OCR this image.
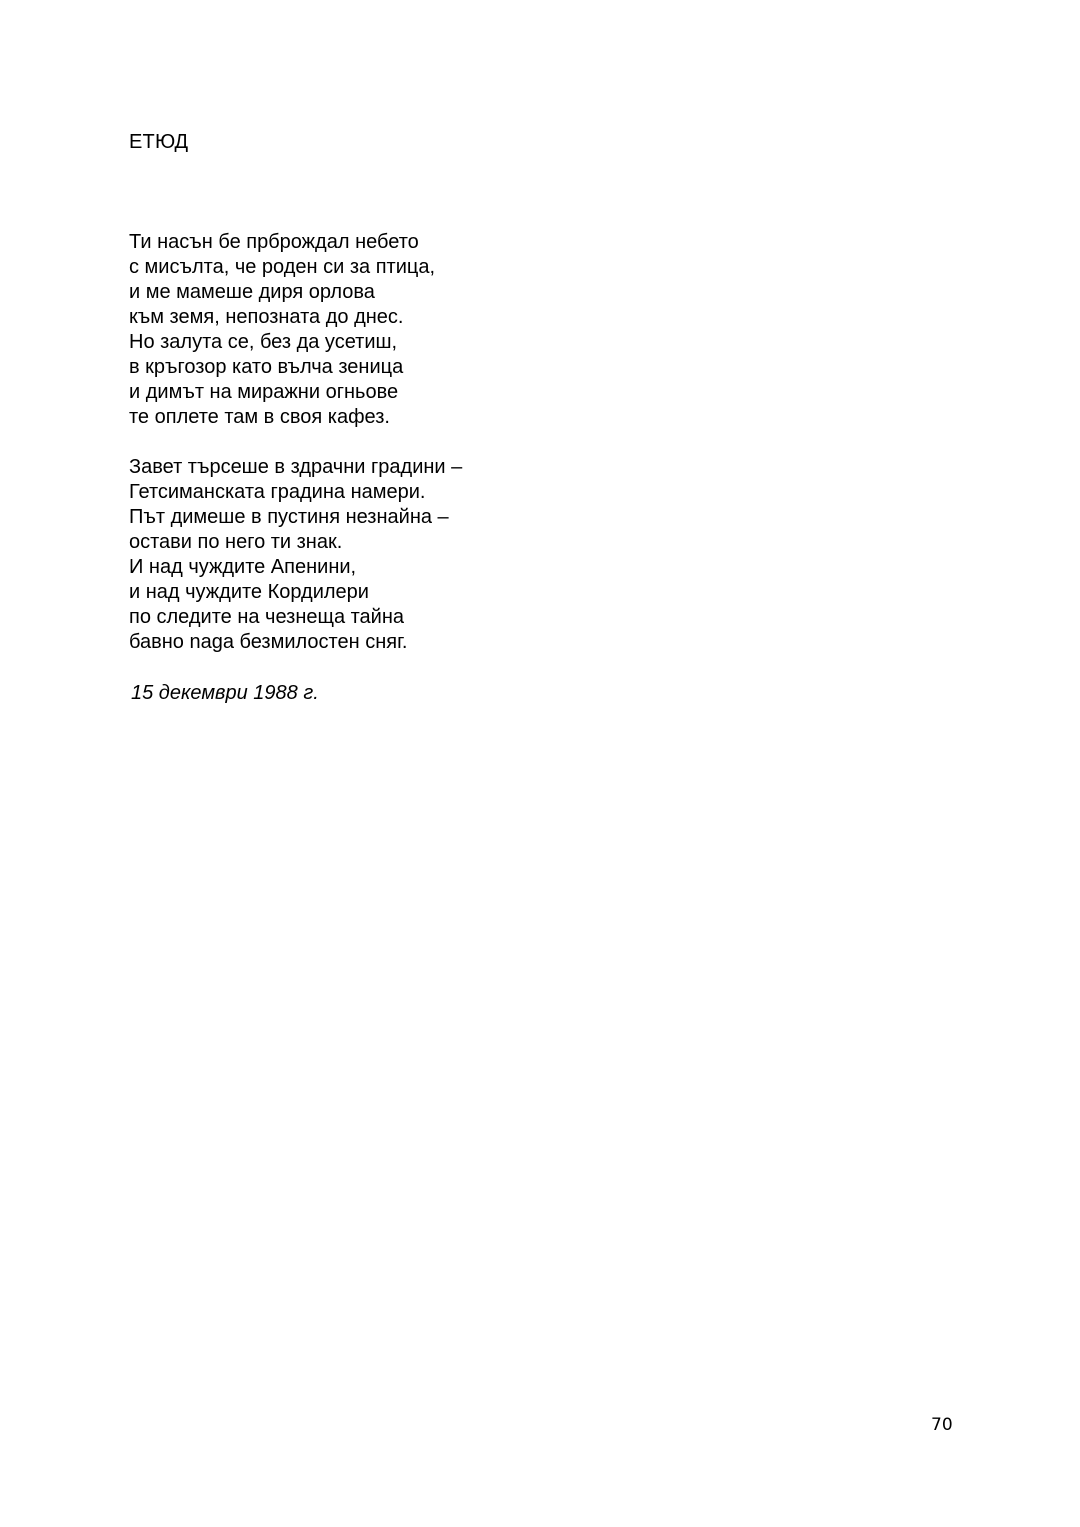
ЕТЮД

Ти насън бе прброждал небето
с мисълта, че роден си за птица,
и ме мамеше диря орлова
към земя, непозната до днес.
Но залута се, без да усетиш,
в кръгозор като вълча зеница
и димът на миражни огньове
те оплете там в своя кафез.

Завет търсеше в здрачни градини –
Гетсиманската градина намери.
Път димеше в пустиня незнайна –
остави по него ти знак.
И над чуждите Апенини,
и над чуждите Кордилери
по следите на чезнеща тайна
бавно naga безмилостен сняг.

15 декември 1988 г.
70
